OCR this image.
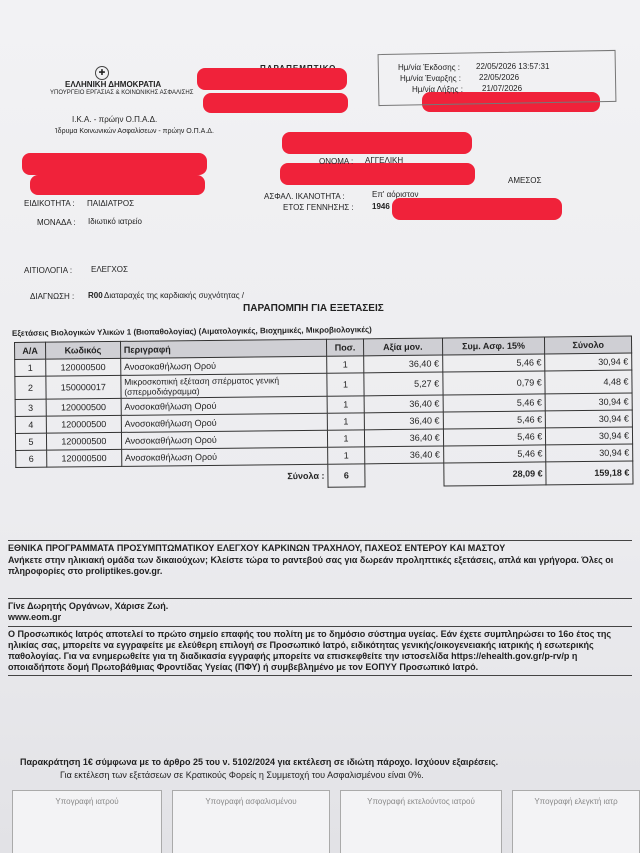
✚
ΕΛΛΗΝΙΚΗ ΔΗΜΟΚΡΑΤΙΑ
ΥΠΟΥΡΓΕΙΟ ΕΡΓΑΣΙΑΣ & ΚΟΙΝΩΝΙΚΗΣ ΑΣΦΑΛΙΣΗΣ
Ι.Κ.Α. - πρώην Ο.Π.Α.Δ.
Ίδρυμα Κοινωνικών Ασφαλίσεων - πρώην Ο.Π.Α.Δ.
Ημ/νία Έκδοσης : 22/05/2026 13:57:31
Ημ/νία Έναρξης : 22/05/2026
Ημ/νία Λήξης : 21/07/2026
ΟΝΟΜΑ : ΑΓΓΕΛΙΚΗ
ΑΜΕΣΟΣ
ΑΣΦΑΛ. ΙΚΑΝΟΤΗΤΑ :	Επ' αόριστον
ΕΤΟΣ ΓΕΝΝΗΣΗΣ : 1946
ΕΙΔΙΚΟΤΗΤΑ : ΠΑΙΔΙΑΤΡΟΣ
ΜΟΝΑΔΑ : Ιδιωτικό ιατρείο
ΑΙΤΙΟΛΟΓΙΑ : ΕΛΕΓΧΟΣ
ΔΙΑΓΝΩΣΗ : R00 Διαταραχές της καρδιακής συχνότητας /
ΠΑΡΑΠΟΜΠΗ ΓΙΑ ΕΞΕΤΑΣΕΙΣ
Εξετάσεις Βιολογικών Υλικών 1 (Βιοπαθολογίας) (Αιματολογικές, Βιοχημικές, Μικροβιολογικές)
Α/Α	Κωδικός	Περιγραφή	Ποσ.	Αξία μον.	Συμ. Ασφ. 15%	Σύνολο
1	120000500	Ανοσοκαθήλωση Ορού	1	36,40 €	5,46 €	30,94 €
2	150000017	Μικροσκοπική εξέταση σπέρματος γενική (σπερμοδιάγραμμα)	1	5,27 €	0,79 €	4,48 €
3	120000500	Ανοσοκαθήλωση Ορού	1	36,40 €	5,46 €	30,94 €
4	120000500	Ανοσοκαθήλωση Ορού	1	36,40 €	5,46 €	30,94 €
5	120000500	Ανοσοκαθήλωση Ορού	1	36,40 €	5,46 €	30,94 €
6	120000500	Ανοσοκαθήλωση Ορού	1	36,40 €	5,46 €	30,94 €
Σύνολα :			6		28,09 €	159,18 €
ΕΘΝΙΚΑ ΠΡΟΓΡΑΜΜΑΤΑ ΠΡΟΣΥΜΠΤΩΜΑΤΙΚΟΥ ΕΛΕΓΧΟΥ ΚΑΡΚΙΝΩΝ ΤΡΑΧΗΛΟΥ, ΠΑΧΕΟΣ ΕΝΤΕΡΟΥ ΚΑΙ ΜΑΣΤΟΥ
Ανήκετε στην ηλικιακή ομάδα των δικαιούχων; Κλείστε τώρα το ραντεβού σας για δωρεάν προληπτικές εξετάσεις, απλά και γρήγορα. Όλες οι πληροφορίες στο proliptikes.gov.gr.
Γίνε Δωρητής Οργάνων, Χάρισε Ζωή.
www.eom.gr
Ο Προσωπικός Ιατρός αποτελεί το πρώτο σημείο επαφής του πολίτη με το δημόσιο σύστημα υγείας. Εάν έχετε συμπληρώσει το 16ο έτος της ηλικίας σας, μπορείτε να εγγραφείτε με ελεύθερη επιλογή σε Προσωπικό Ιατρό, ειδικότητας γενικής/οικογενειακής ιατρικής ή εσωτερικής παθολογίας. Για να ενημερωθείτε για τη διαδικασία εγγραφής μπορείτε να επισκεφθείτε την ιστοσελίδα https://ehealth.gov.gr/p-rv/p η οποιαδήποτε δομή Πρωτοβάθμιας Φροντίδας Υγείας (ΠΦΥ) ή συμβεβλημένο με τον ΕΟΠΥΥ Προσωπικό Ιατρό.
Παρακράτηση 1€ σύμφωνα με το άρθρο 25 του ν. 5102/2024 για εκτέλεση σε ιδιώτη πάροχο. Ισχύουν εξαιρέσεις.
Για εκτέλεση των εξετάσεων σε Κρατικούς Φορείς η Συμμετοχή του Ασφαλισμένου είναι 0%.
Υπογραφή ιατρού	Υπογραφή ασφαλισμένου	Υπογραφή εκτελούντος ιατρού	Υπογραφή ελεγκτή ιατρ
